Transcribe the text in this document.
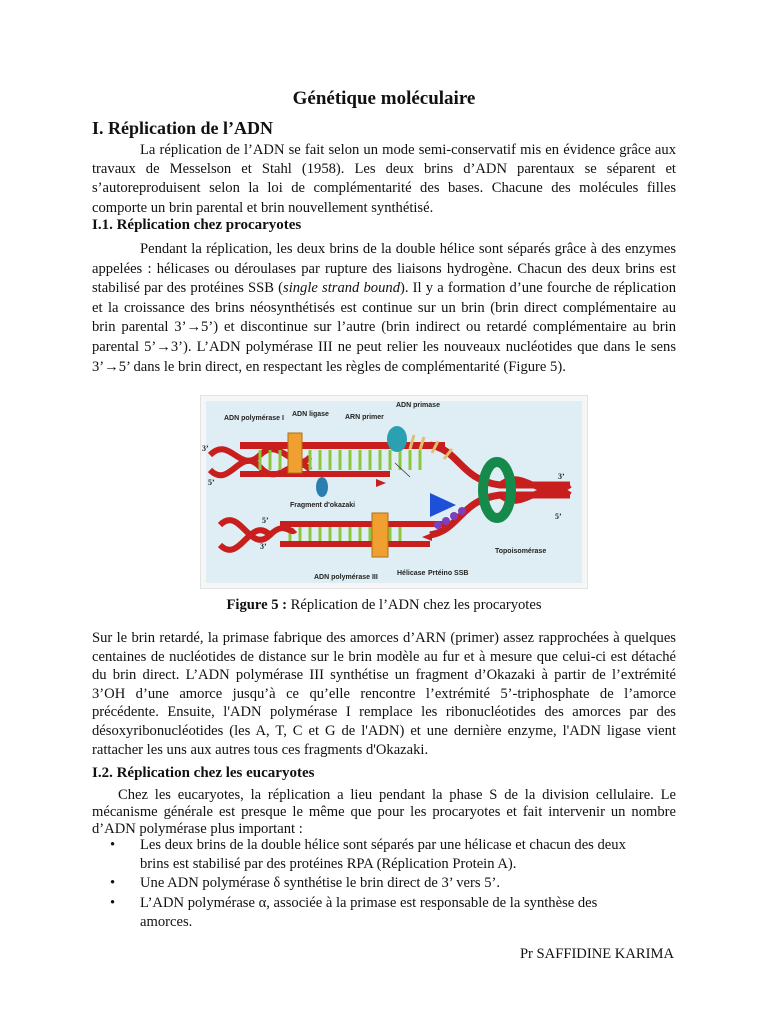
Génétique moléculaire
I. Réplication de l’ADN
La réplication de l’ADN se fait selon un mode semi-conservatif mis en évidence grâce aux travaux de Messelson et Stahl (1958). Les deux brins d’ADN parentaux se séparent et s’autoreproduisent selon la loi de complémentarité des bases. Chacune des molécules filles comporte un brin parental et brin nouvellement synthétisé.
I.1. Réplication chez procaryotes
Pendant la réplication, les deux brins de la double hélice sont séparés grâce à des enzymes appelées : hélicases ou déroulases par rupture des liaisons hydrogène. Chacun des deux brins est stabilisé par des protéines SSB (single strand bound). Il y a formation d’une fourche de réplication et la croissance des brins néosynthétisés est continue sur un brin (brin direct complémentaire au brin parental 3’→5’) et discontinue sur l’autre (brin indirect ou retardé complémentaire au brin parental 5’→3’). L’ADN polymérase III ne peut relier les nouveaux nucléotides que dans le sens 3’→5’ dans le brin direct, en respectant les règles de complémentarité (Figure 5).
ADN polymérase I
ADN ligase ARN primer
ADN primase
Fragment d'okazaki
Topoisomérase
ADN polymérase III
Hélicase Prtéino SSB
3’
5’
5’
3’
3’
5’
Figure 5 : Réplication de l’ADN chez les procaryotes
Sur le brin retardé, la primase fabrique des amorces d’ARN (primer) assez rapprochées à quelques centaines de nucléotides de distance sur le brin modèle au fur et à mesure que celui-ci est détaché du brin direct. L’ADN polymérase III synthétise un fragment d’Okazaki à partir de l’extrémité 3’OH d’une amorce jusqu’à ce qu’elle rencontre l’extrémité 5’-triphosphate de l’amorce précédente. Ensuite, l'ADN polymérase I remplace les ribonucléotides des amorces par des désoxyribonucléotides (les A, T, C et G de l'ADN) et une dernière enzyme, l'ADN ligase vient rattacher les uns aux autres tous ces fragments d'Okazaki.
I.2. Réplication chez les eucaryotes
Chez les eucaryotes, la réplication a lieu pendant la phase S de la division cellulaire. Le mécanisme générale est presque le même que pour les procaryotes et fait intervenir un nombre d’ADN polymérase plus important :
• Les deux brins de la double hélice sont séparés par une hélicase et chacun des deux brins est stabilisé par des protéines RPA (Réplication Protein A).
• Une ADN polymérase δ synthétise le brin direct de 3’ vers 5’.
• L’ADN polymérase α, associée à la primase est responsable de la synthèse des amorces.
Pr SAFFIDINE KARIMA
